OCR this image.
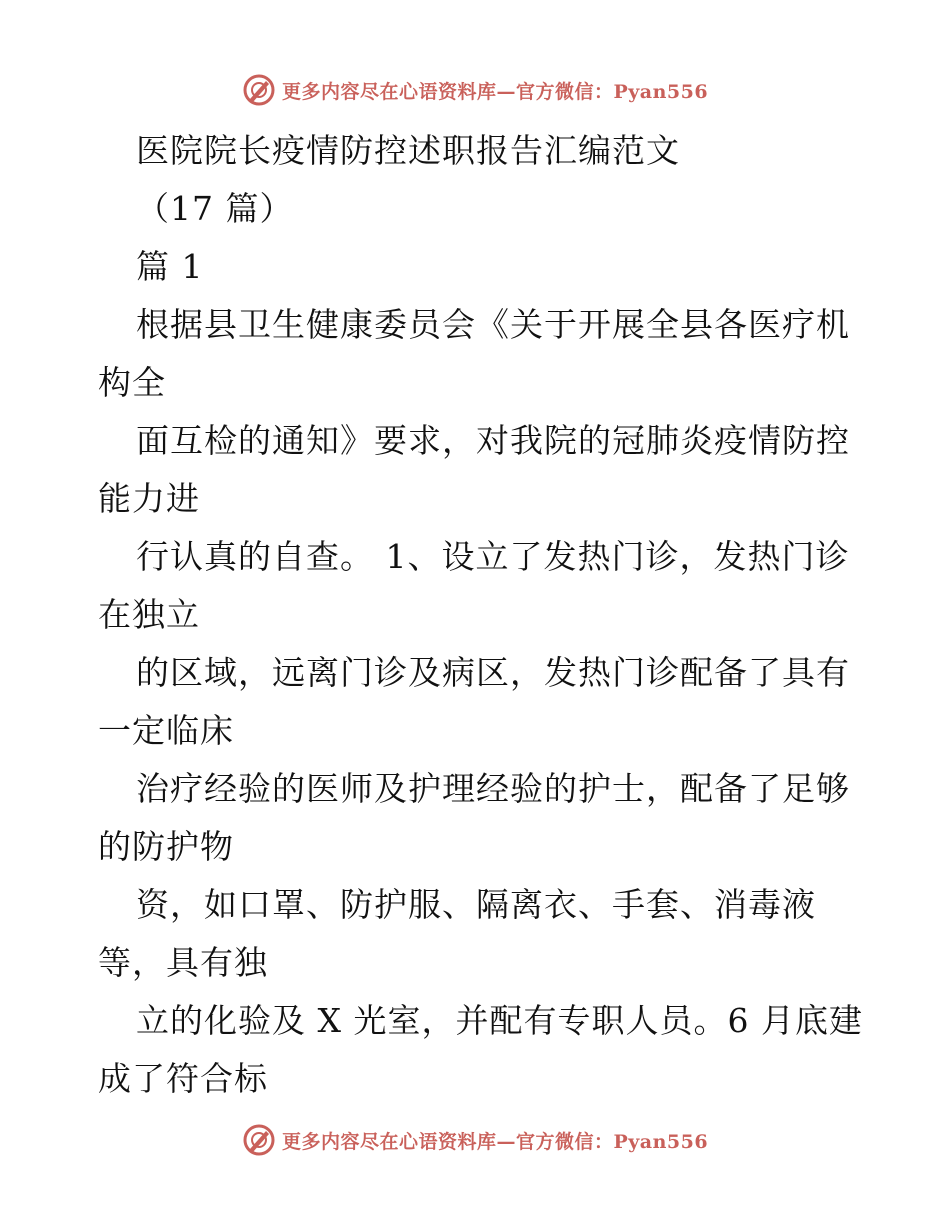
更多内容尽在心语资料库—官方微信：Pyan556
医院院长疫情防控述职报告汇编范文
（17 篇）
篇 1
根据县卫生健康委员会《关于开展全县各医疗机
构全
面互检的通知》要求，对我院的冠肺炎疫情防控
能力进
行认真的自查。 1、设立了发热门诊，发热门诊
在独立
的区域，远离门诊及病区，发热门诊配备了具有
一定临床
治疗经验的医师及护理经验的护士，配备了足够
的防护物
资，如口罩、防护服、隔离衣、手套、消毒液
等，具有独
立的化验及 X 光室，并配有专职人员。6 月底建
成了符合标
更多内容尽在心语资料库—官方微信：Pyan556
